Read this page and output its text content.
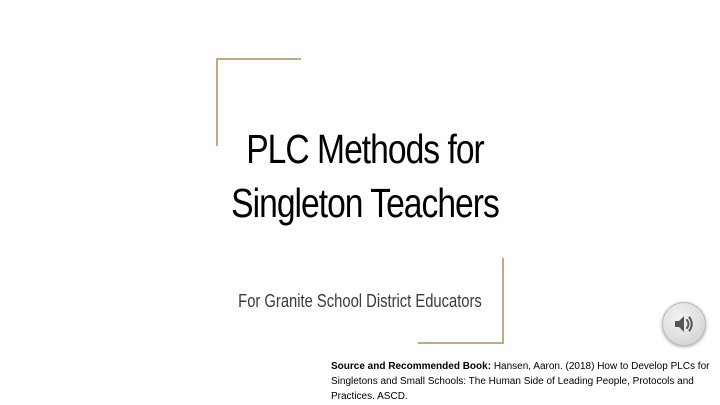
PLC Methods for
Singleton Teachers

For Granite School District Educators

Source and Recommended Book: Hansen, Aaron. (2018) How to Develop PLCs for Singletons and Small Schools: The Human Side of Leading People, Protocols and Practices. ASCD.
